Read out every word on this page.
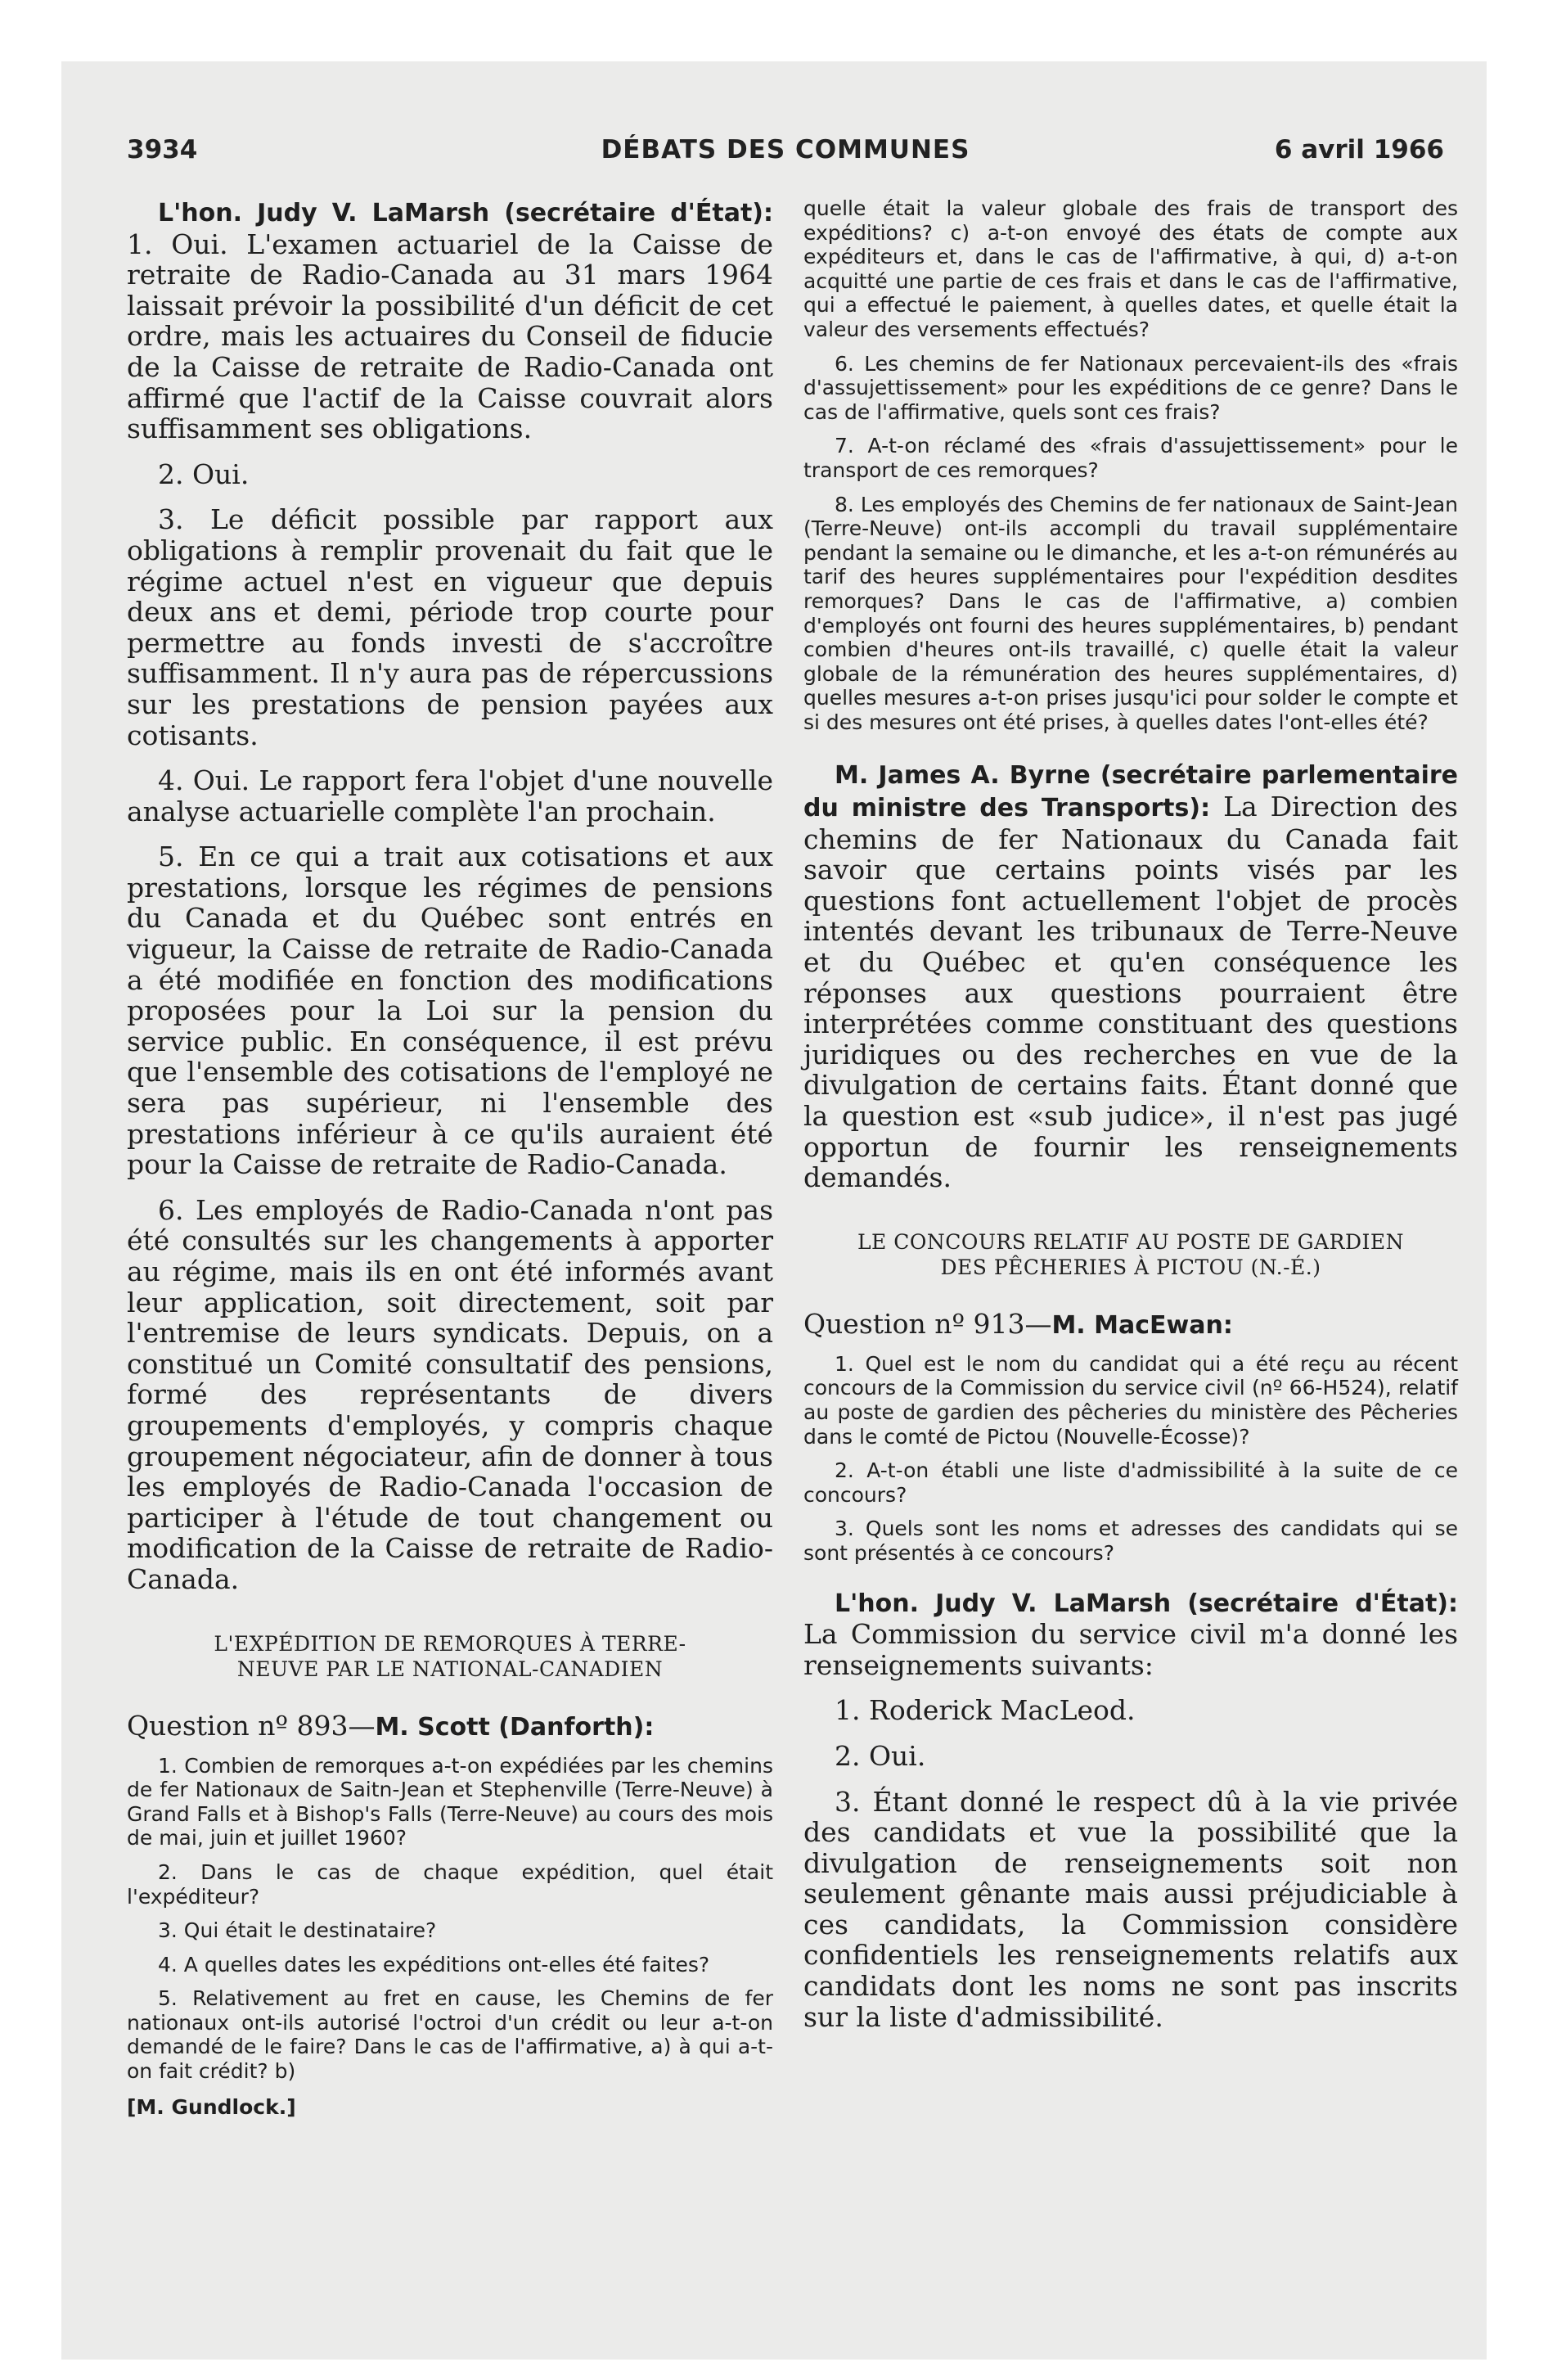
3934	DÉBATS DES COMMUNES	6 avril 1966

L'hon. Judy V. LaMarsh (secrétaire d'État): 1. Oui. L'examen actuariel de la Caisse de retraite de Radio-Canada au 31 mars 1964 laissait prévoir la possibilité d'un déficit de cet ordre, mais les actuaires du Conseil de fiducie de la Caisse de retraite de Radio-Canada ont affirmé que l'actif de la Caisse couvrait alors suffisamment ses obligations.

2. Oui.

3. Le déficit possible par rapport aux obligations à remplir provenait du fait que le régime actuel n'est en vigueur que depuis deux ans et demi, période trop courte pour permettre au fonds investi de s'accroître suffisamment. Il n'y aura pas de répercussions sur les prestations de pension payées aux cotisants.

4. Oui. Le rapport fera l'objet d'une nouvelle analyse actuarielle complète l'an prochain.

5. En ce qui a trait aux cotisations et aux prestations, lorsque les régimes de pensions du Canada et du Québec sont entrés en vigueur, la Caisse de retraite de Radio-Canada a été modifiée en fonction des modifications proposées pour la Loi sur la pension du service public. En conséquence, il est prévu que l'ensemble des cotisations de l'employé ne sera pas supérieur, ni l'ensemble des prestations inférieur à ce qu'ils auraient été pour la Caisse de retraite de Radio-Canada.

6. Les employés de Radio-Canada n'ont pas été consultés sur les changements à apporter au régime, mais ils en ont été informés avant leur application, soit directement, soit par l'entremise de leurs syndicats. Depuis, on a constitué un Comité consultatif des pensions, formé des représentants de divers groupements d'employés, y compris chaque groupement négociateur, afin de donner à tous les employés de Radio-Canada l'occasion de participer à l'étude de tout changement ou modification de la Caisse de retraite de Radio-Canada.

L'EXPÉDITION DE REMORQUES À TERRE-
NEUVE PAR LE NATIONAL-CANADIEN
Question nº 893—M. Scott (Danforth):

1. Combien de remorques a-t-on expédiées par les chemins de fer Nationaux de Saitn-Jean et Stephenville (Terre-Neuve) à Grand Falls et à Bishop's Falls (Terre-Neuve) au cours des mois de mai, juin et juillet 1960?

2. Dans le cas de chaque expédition, quel était l'expéditeur?

3. Qui était le destinataire?

4. A quelles dates les expéditions ont-elles été faites?

5. Relativement au fret en cause, les Chemins de fer nationaux ont-ils autorisé l'octroi d'un crédit ou leur a-t-on demandé de le faire? Dans le cas de l'affirmative, a) à qui a-t-on fait crédit? b)

[M. Gundlock.]

quelle était la valeur globale des frais de transport des expéditions? c) a-t-on envoyé des états de compte aux expéditeurs et, dans le cas de l'affirmative, à qui, d) a-t-on acquitté une partie de ces frais et dans le cas de l'affirmative, qui a effectué le paiement, à quelles dates, et quelle était la valeur des versements effectués?

6. Les chemins de fer Nationaux percevaient-ils des «frais d'assujettissement» pour les expéditions de ce genre? Dans le cas de l'affirmative, quels sont ces frais?

7. A-t-on réclamé des «frais d'assujettissement» pour le transport de ces remorques?

8. Les employés des Chemins de fer nationaux de Saint-Jean (Terre-Neuve) ont-ils accompli du travail supplémentaire pendant la semaine ou le dimanche, et les a-t-on rémunérés au tarif des heures supplémentaires pour l'expédition desdites remorques? Dans le cas de l'affirmative, a) combien d'employés ont fourni des heures supplémentaires, b) pendant combien d'heures ont-ils travaillé, c) quelle était la valeur globale de la rémunération des heures supplémentaires, d) quelles mesures a-t-on prises jusqu'ici pour solder le compte et si des mesures ont été prises, à quelles dates l'ont-elles été?

M. James A. Byrne (secrétaire parlementaire du ministre des Transports): La Direction des chemins de fer Nationaux du Canada fait savoir que certains points visés par les questions font actuellement l'objet de procès intentés devant les tribunaux de Terre-Neuve et du Québec et qu'en conséquence les réponses aux questions pourraient être interprétées comme constituant des questions juridiques ou des recherches en vue de la divulgation de certains faits. Étant donné que la question est «sub judice», il n'est pas jugé opportun de fournir les renseignements demandés.

LE CONCOURS RELATIF AU POSTE DE GARDIEN
DES PÊCHERIES À PICTOU (N.-É.)
Question nº 913—M. MacEwan:

1. Quel est le nom du candidat qui a été reçu au récent concours de la Commission du service civil (nº 66-H524), relatif au poste de gardien des pêcheries du ministère des Pêcheries dans le comté de Pictou (Nouvelle-Écosse)?

2. A-t-on établi une liste d'admissibilité à la suite de ce concours?

3. Quels sont les noms et adresses des candidats qui se sont présentés à ce concours?

L'hon. Judy V. LaMarsh (secrétaire d'État): La Commission du service civil m'a donné les renseignements suivants:

1. Roderick MacLeod.

2. Oui.

3. Étant donné le respect dû à la vie privée des candidats et vue la possibilité que la divulgation de renseignements soit non seulement gênante mais aussi préjudiciable à ces candidats, la Commission considère confidentiels les renseignements relatifs aux candidats dont les noms ne sont pas inscrits sur la liste d'admissibilité.
